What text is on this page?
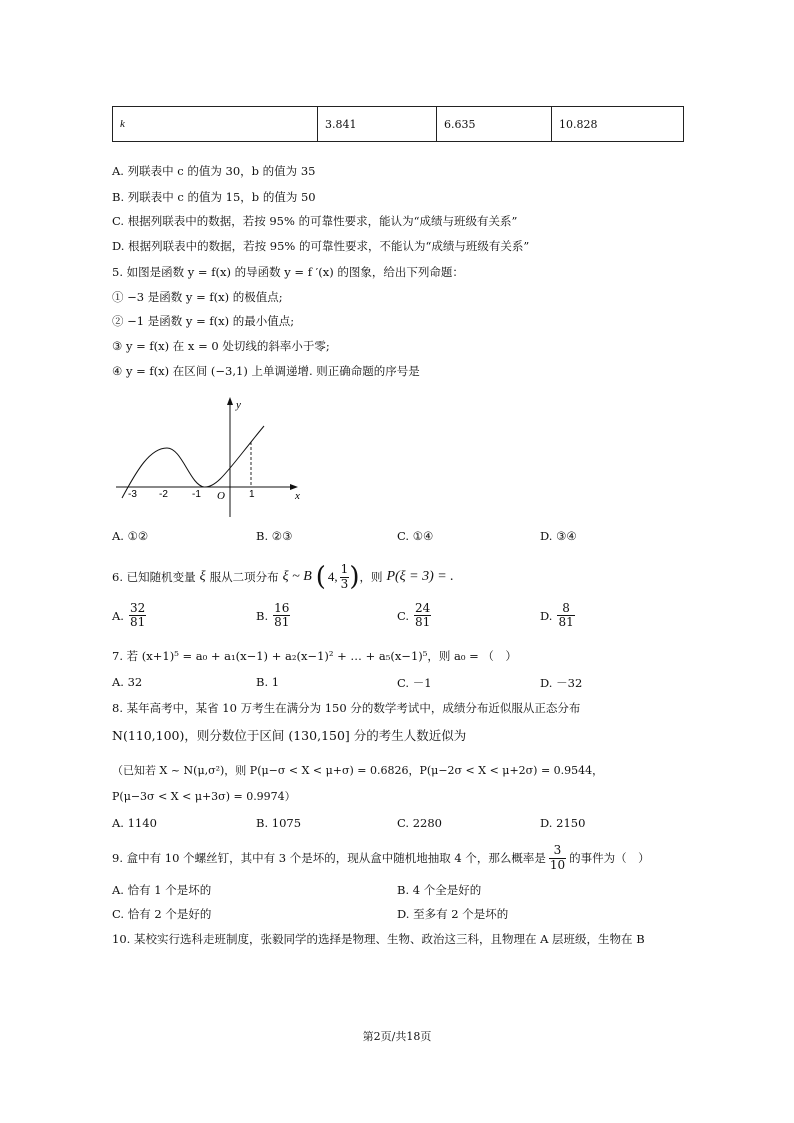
k	3.841	6.635	10.828
A. 列联表中 c 的值为 30，b 的值为 35
B. 列联表中 c 的值为 15，b 的值为 50
C. 根据列联表中的数据，若按 95% 的可靠性要求，能认为“成绩与班级有关系”
D. 根据列联表中的数据，若按 95% 的可靠性要求，不能认为“成绩与班级有关系”
5. 如图是函数 y = f(x) 的导函数 y = f ′(x) 的图象，给出下列命题：
① −3 是函数 y = f(x) 的极值点;
② −1 是函数 y = f(x) 的最小值点;
③ y = f(x) 在 x = 0 处切线的斜率小于零;
④ y = f(x) 在区间 (−3,1) 上单调递增. 则正确命题的序号是
y
x
O
-3 -2 -1	1
A. ①②	B. ②③	C. ①④	D. ③④
6. 已知随机变量 ξ 服从二项分布 ξ ~ B ( 4, $\frac{1}{3}$ ) ，则 P(ξ = 3) = .
A. $\frac{32}{81}$	B. $\frac{16}{81}$	C. $\frac{24}{81}$	D. $\frac{8}{81}$
7. 若 (x+1)⁵ = a₀ + a₁(x−1) + a₂(x−1)² + … + a₅(x−1)⁵，则 a₀ = （　）
A. 32	B. 1	C. －1	D. －32
8. 某年高考中，某省 10 万考生在满分为 150 分的数学考试中，成绩分布近似服从正态分布
N(110,100)，则分数位于区间 (130,150] 分的考生人数近似为
（已知若 X ~ N(μ,σ²)，则 P(μ−σ < X < μ+σ) = 0.6826，P(μ−2σ < X < μ+2σ) = 0.9544，
P(μ−3σ < X < μ+3σ) = 0.9974）
A. 1140	B. 1075	C. 2280	D. 2150
9. 盒中有 10 个螺丝钉，其中有 3 个是坏的，现从盒中随机地抽取 4 个，那么概率是 $\frac{3}{10}$ 的事件为（　）
A. 恰有 1 个是坏的	B. 4 个全是好的
C. 恰有 2 个是好的	D. 至多有 2 个是坏的
10. 某校实行选科走班制度，张毅同学的选择是物理、生物、政治这三科，且物理在 A 层班级，生物在 B
第2页/共18页
